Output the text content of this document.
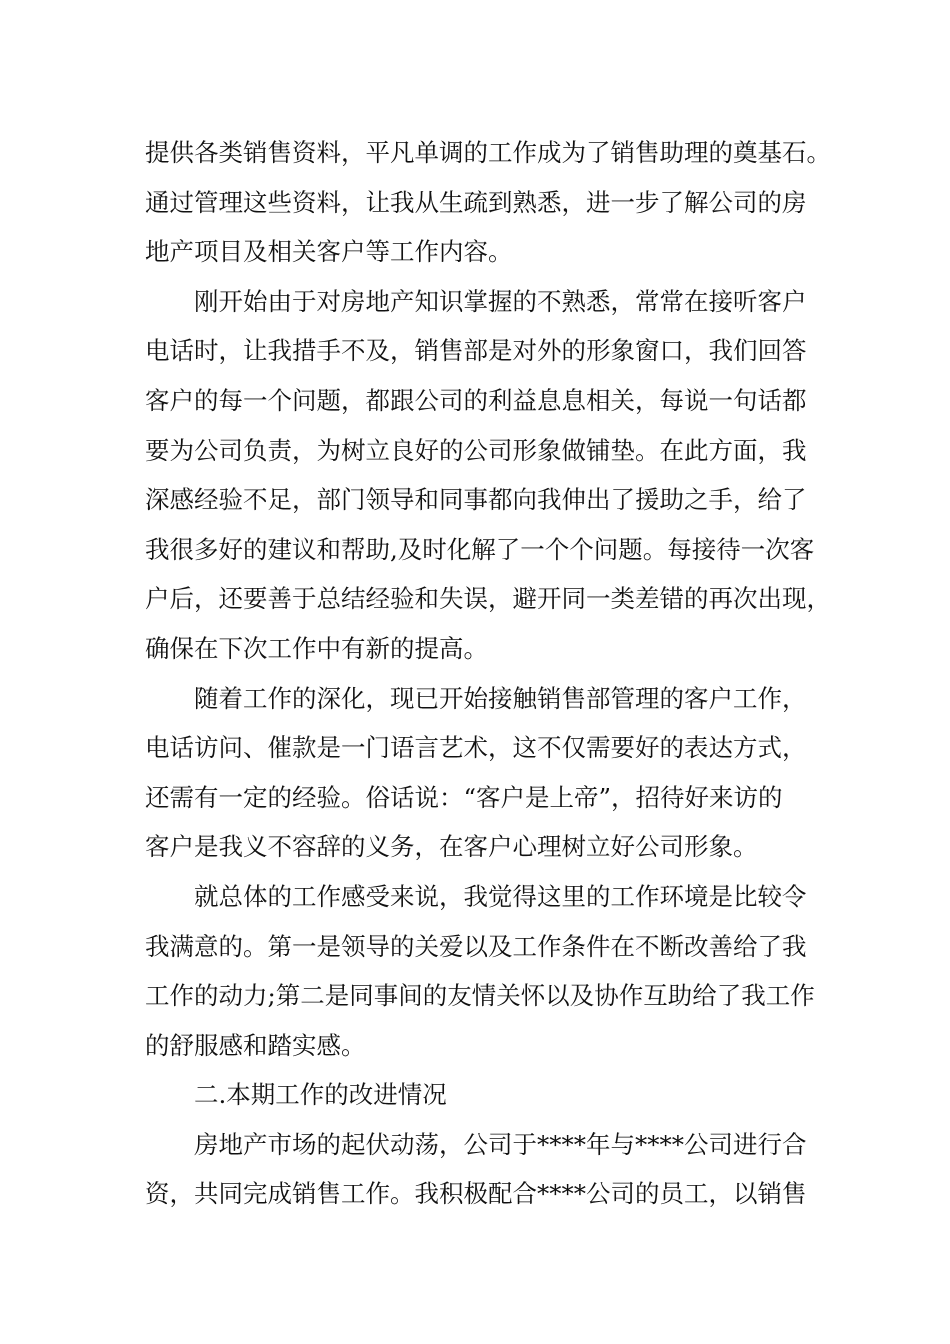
提供各类销售资料，平凡单调的工作成为了销售助理的奠基石。
通过管理这些资料，让我从生疏到熟悉，进一步了解公司的房
地产项目及相关客户等工作内容。
刚开始由于对房地产知识掌握的不熟悉，常常在接听客户
电话时，让我措手不及，销售部是对外的形象窗口，我们回答
客户的每一个问题，都跟公司的利益息息相关，每说一句话都
要为公司负责，为树立良好的公司形象做铺垫。在此方面，我
深感经验不足，部门领导和同事都向我伸出了援助之手，给了
我很多好的建议和帮助,及时化解了一个个问题。每接待一次客
户后，还要善于总结经验和失误，避开同一类差错的再次出现，
确保在下次工作中有新的提高。
随着工作的深化，现已开始接触销售部管理的客户工作，
电话访问、催款是一门语言艺术，这不仅需要好的表达方式，
还需有一定的经验。俗话说：“客户是上帝”，招待好来访的
客户是我义不容辞的义务，在客户心理树立好公司形象。
就总体的工作感受来说，我觉得这里的工作环境是比较令
我满意的。第一是领导的关爱以及工作条件在不断改善给了我
工作的动力;第二是同事间的友情关怀以及协作互助给了我工作
的舒服感和踏实感。
二.本期工作的改进情况
房地产市场的起伏动荡，公司于****年与****公司进行合
资，共同完成销售工作。我积极配合****公司的员工，以销售
